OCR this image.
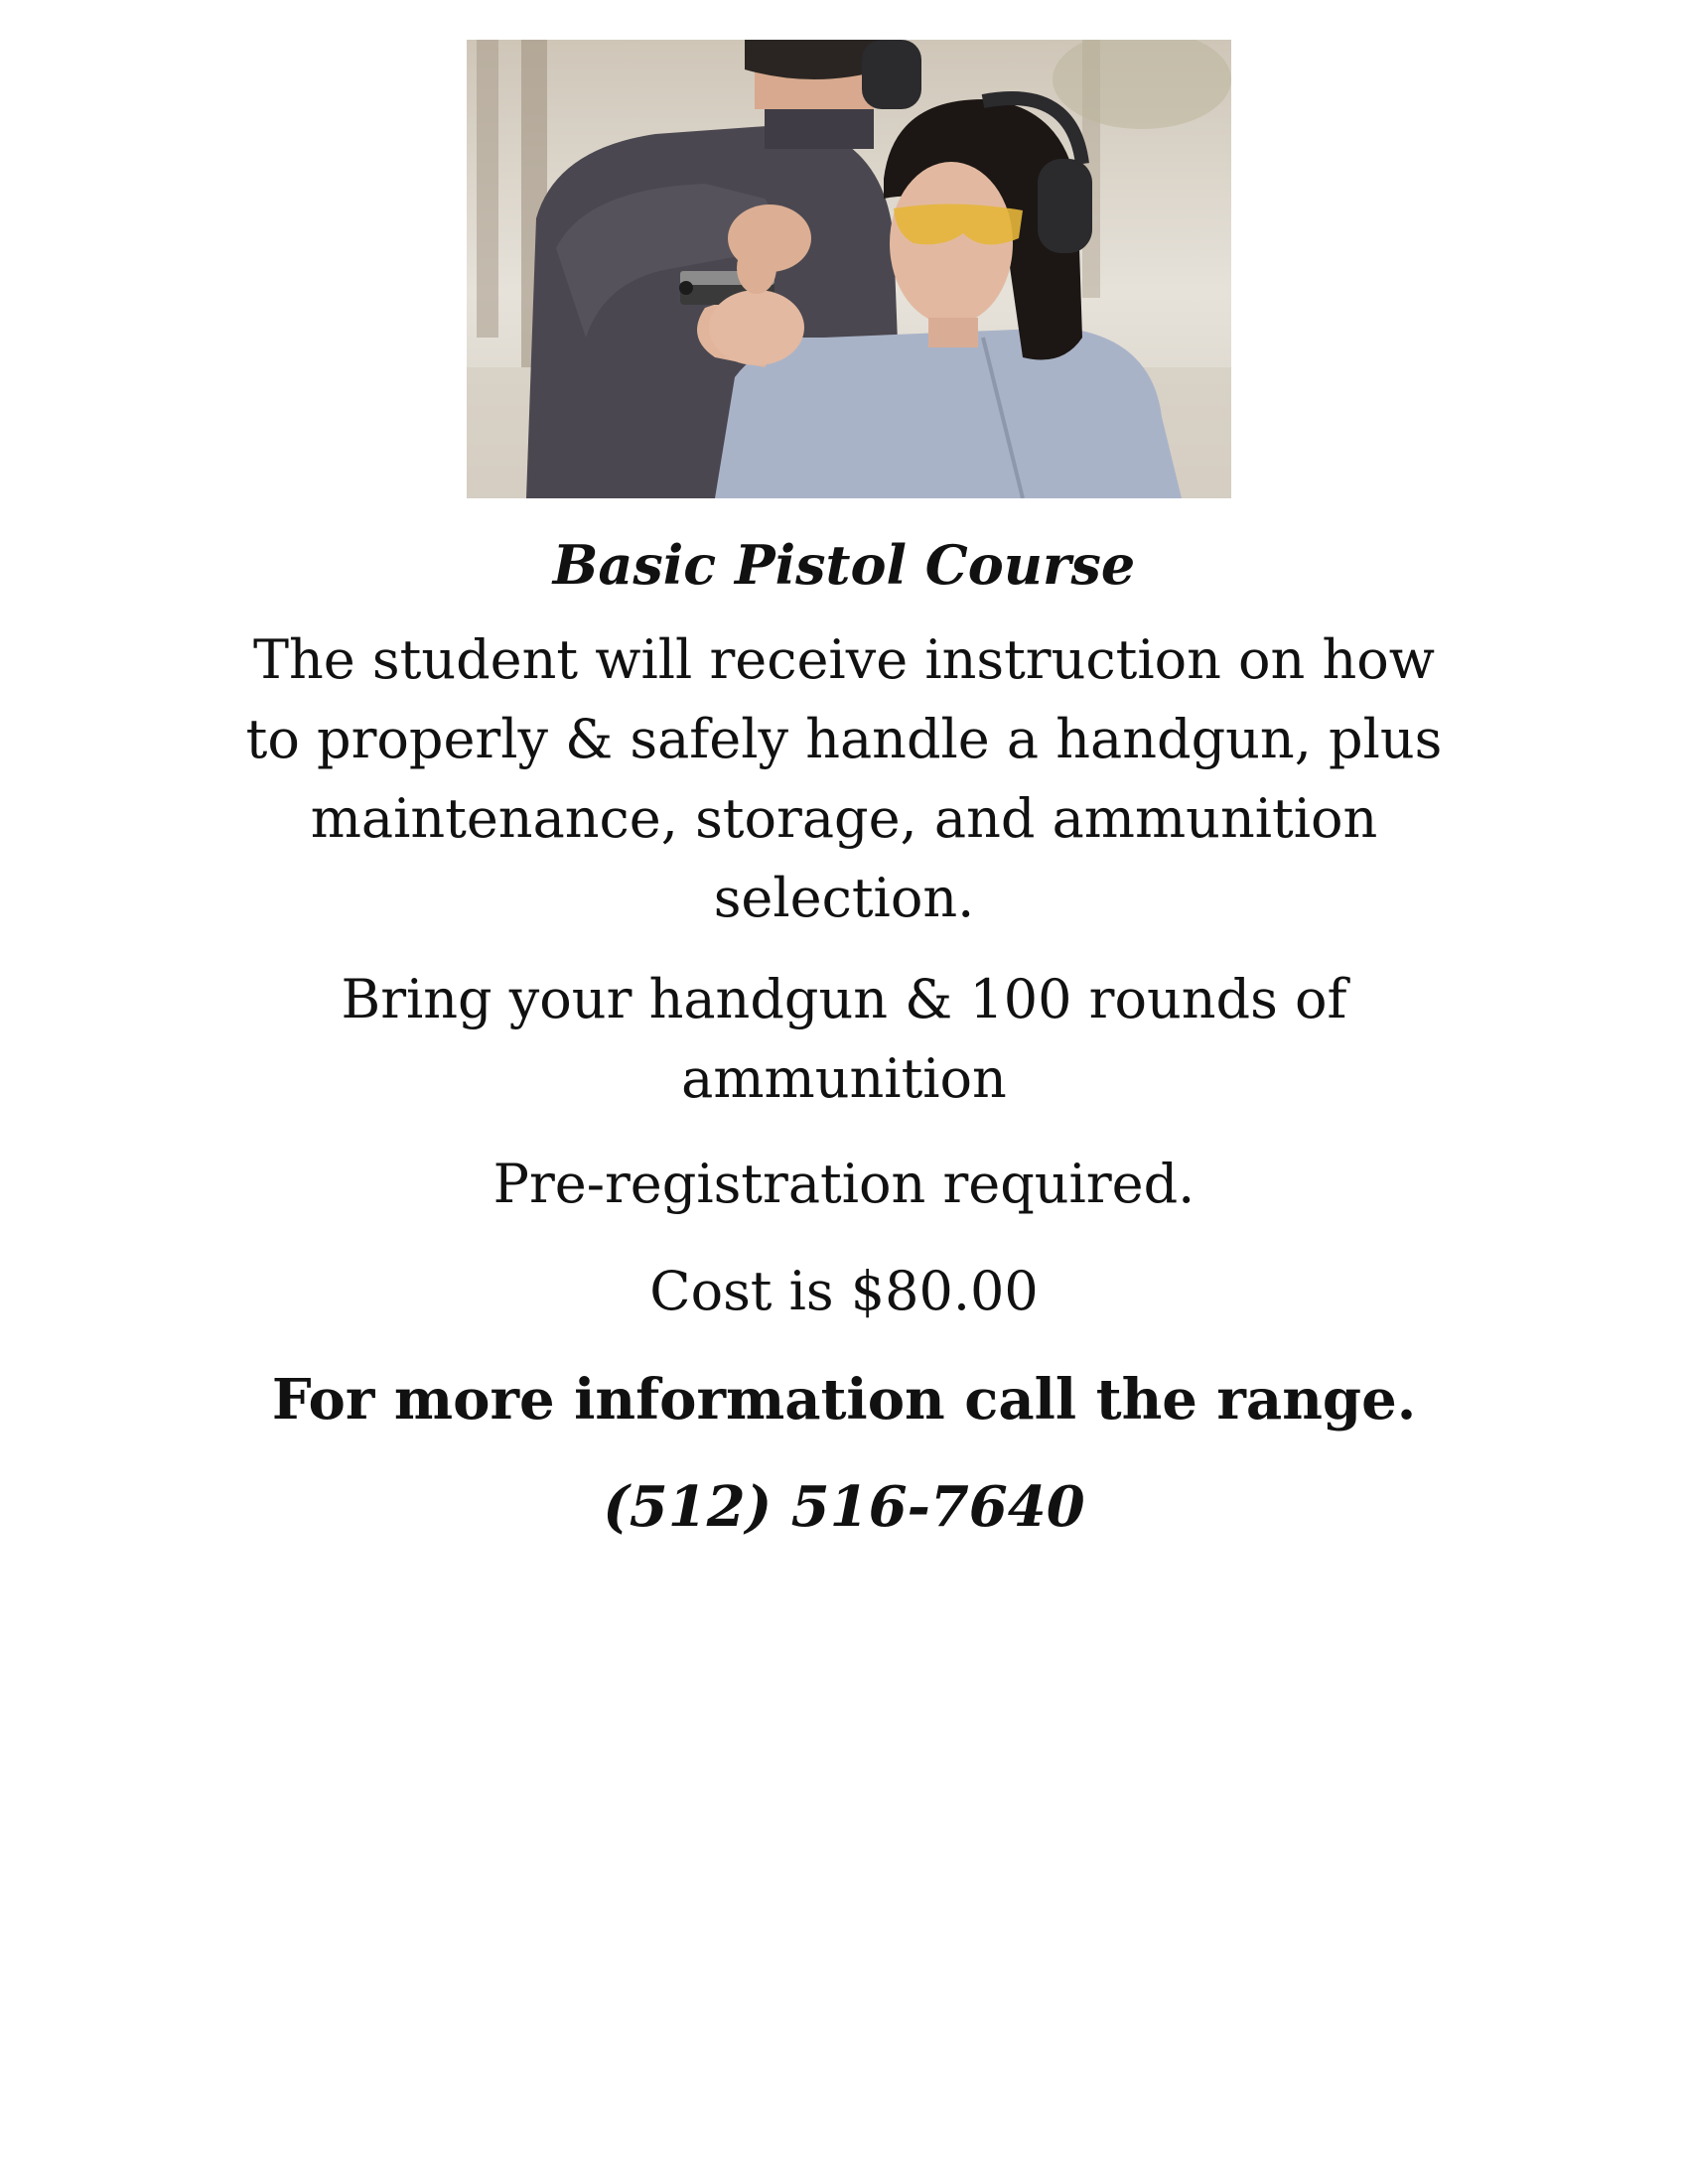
Basic Pistol Course

The student will receive instruction on how to properly & safely handle a handgun, plus maintenance, storage, and ammunition selection.

Bring your handgun & 100 rounds of ammunition

Pre-registration required.

Cost is $80.00

For more information call the range.

(512) 516-7640
